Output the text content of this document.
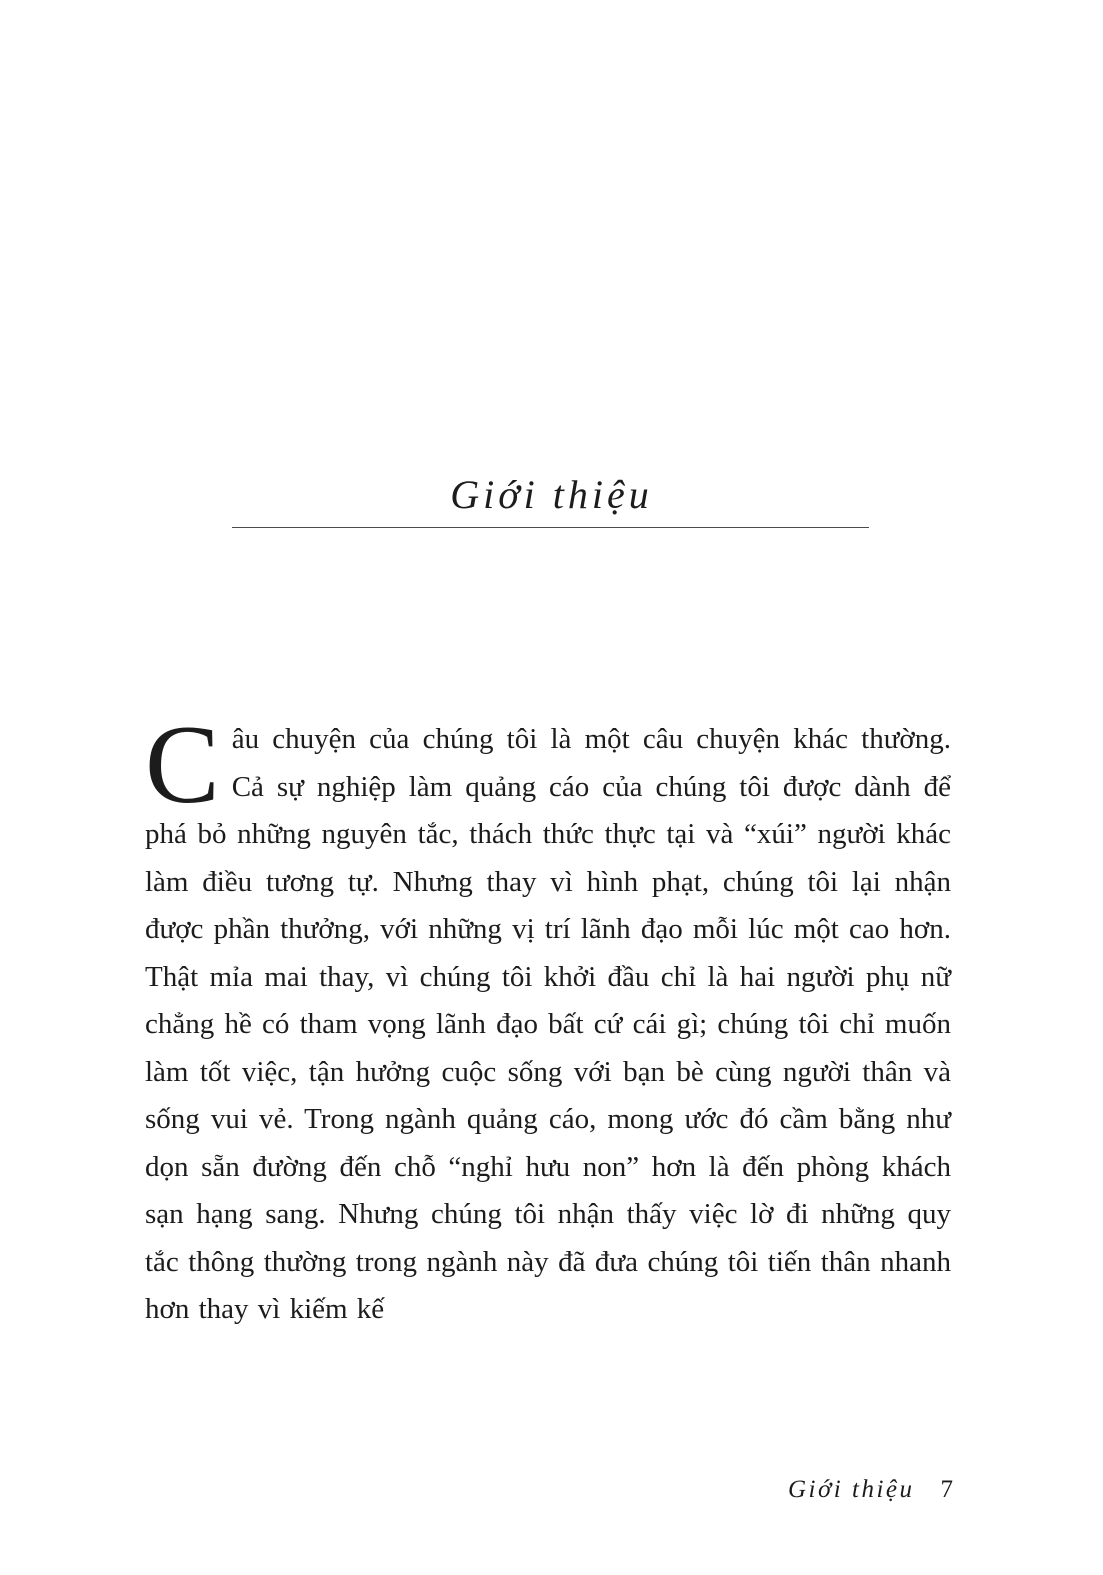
Giới thiệu

Câu chuyện của chúng tôi là một câu chuyện khác thường. Cả sự nghiệp làm quảng cáo của chúng tôi được dành để phá bỏ những nguyên tắc, thách thức thực tại và “xúi” người khác làm điều tương tự. Nhưng thay vì hình phạt, chúng tôi lại nhận được phần thưởng, với những vị trí lãnh đạo mỗi lúc một cao hơn. Thật mỉa mai thay, vì chúng tôi khởi đầu chỉ là hai người phụ nữ chẳng hề có tham vọng lãnh đạo bất cứ cái gì; chúng tôi chỉ muốn làm tốt việc, tận hưởng cuộc sống với bạn bè cùng người thân và sống vui vẻ. Trong ngành quảng cáo, mong ước đó cầm bằng như dọn sẵn đường đến chỗ “nghỉ hưu non” hơn là đến phòng khách sạn hạng sang. Nhưng chúng tôi nhận thấy việc lờ đi những quy tắc thông thường trong ngành này đã đưa chúng tôi tiến thân nhanh hơn thay vì kiếm kế

Giới thiệu 7
